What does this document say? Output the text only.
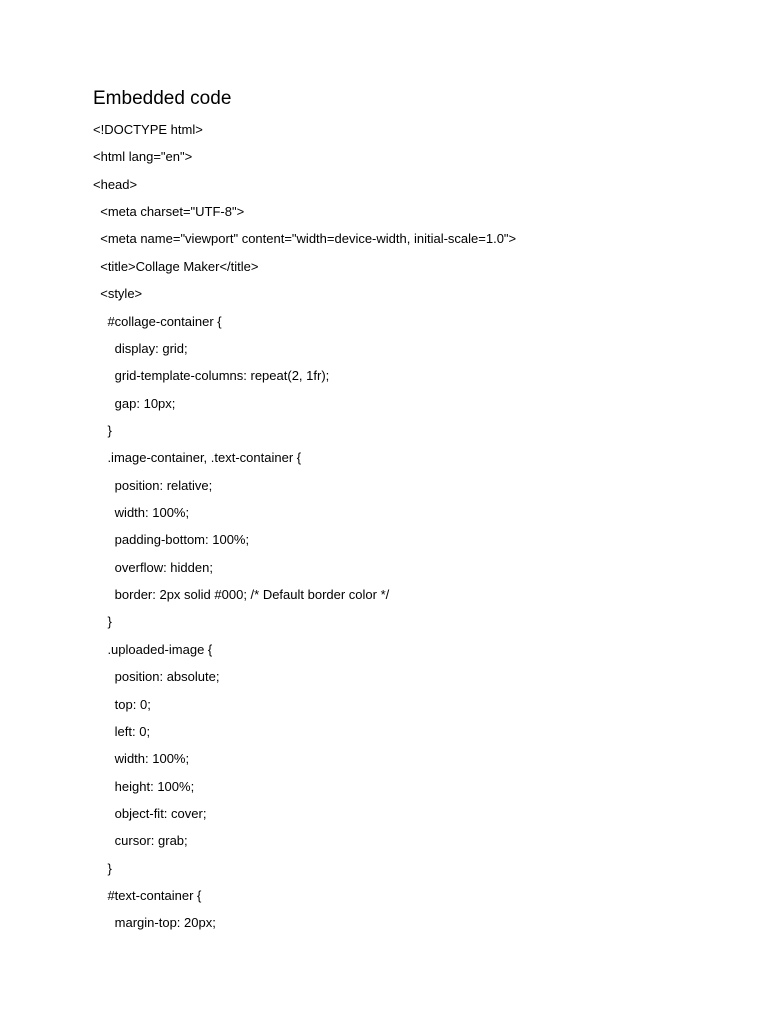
Embedded code
<!DOCTYPE html>
<html lang="en">
<head>
<meta charset="UTF-8">
<meta name="viewport" content="width=device-width, initial-scale=1.0">
<title>Collage Maker</title>
<style>
#collage-container {
display: grid;
grid-template-columns: repeat(2, 1fr);
gap: 10px;
}
.image-container, .text-container {
position: relative;
width: 100%;
padding-bottom: 100%;
overflow: hidden;
border: 2px solid #000; /* Default border color */
}
.uploaded-image {
position: absolute;
top: 0;
left: 0;
width: 100%;
height: 100%;
object-fit: cover;
cursor: grab;
}
#text-container {
margin-top: 20px;
